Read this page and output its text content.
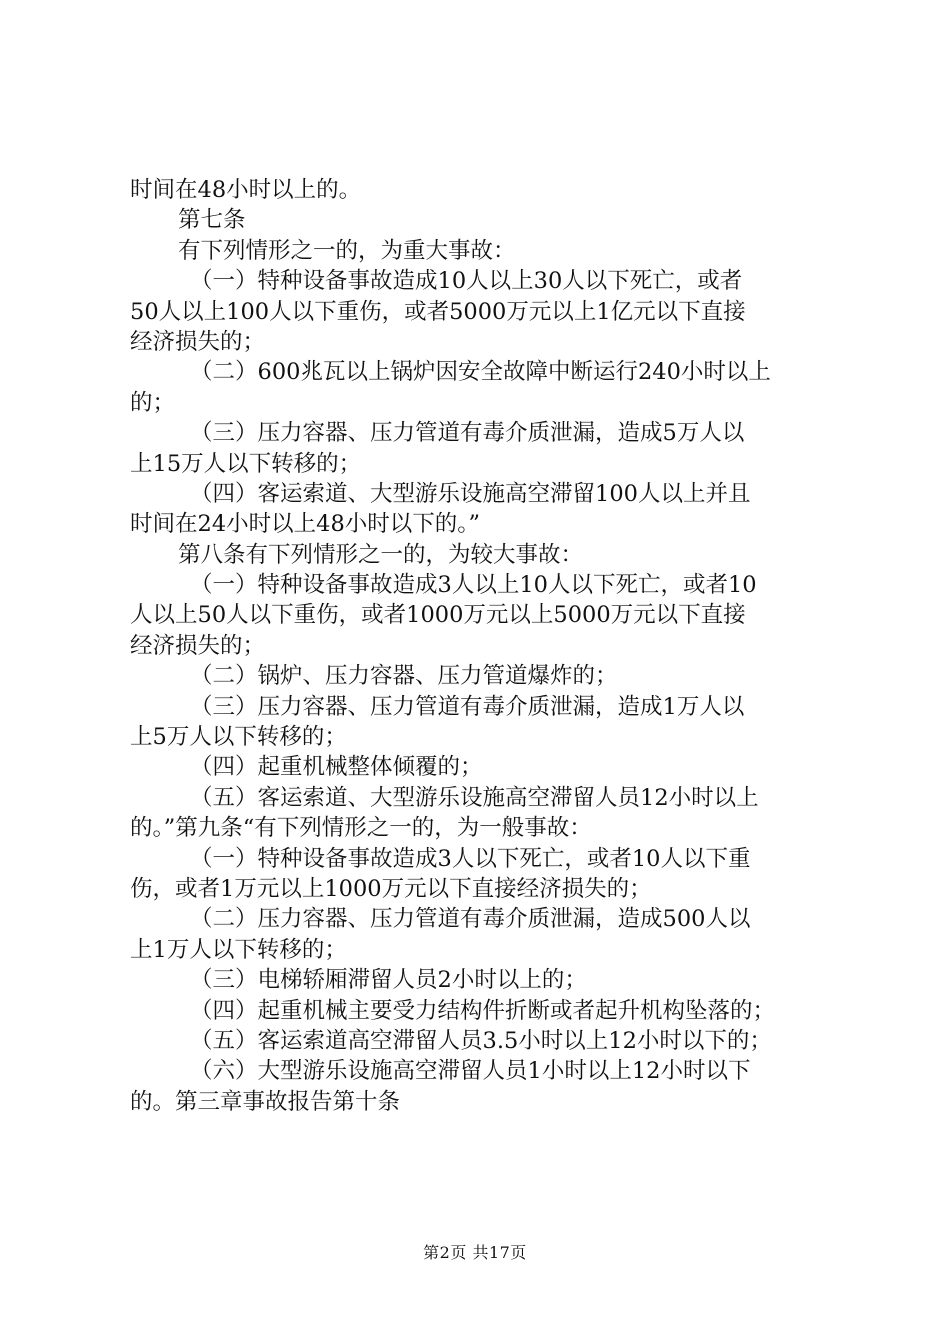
时间在48小时以上的。
第七条
有下列情形之一的，为重大事故：
（一）特种设备事故造成10人以上30人以下死亡，或者
50人以上100人以下重伤，或者5000万元以上1亿元以下直接
经济损失的；
（二）600兆瓦以上锅炉因安全故障中断运行240小时以上
的；
（三）压力容器、压力管道有毒介质泄漏，造成5万人以
上15万人以下转移的；
（四）客运索道、大型游乐设施高空滞留100人以上并且
时间在24小时以上48小时以下的。”
第八条有下列情形之一的，为较大事故：
（一）特种设备事故造成3人以上10人以下死亡，或者10
人以上50人以下重伤，或者1000万元以上5000万元以下直接
经济损失的；
（二）锅炉、压力容器、压力管道爆炸的；
（三）压力容器、压力管道有毒介质泄漏，造成1万人以
上5万人以下转移的；
（四）起重机械整体倾覆的；
（五）客运索道、大型游乐设施高空滞留人员12小时以上
的。”第九条“有下列情形之一的，为一般事故：
（一）特种设备事故造成3人以下死亡，或者10人以下重
伤，或者1万元以上1000万元以下直接经济损失的；
（二）压力容器、压力管道有毒介质泄漏，造成500人以
上1万人以下转移的；
（三）电梯轿厢滞留人员2小时以上的；
（四）起重机械主要受力结构件折断或者起升机构坠落的；
（五）客运索道高空滞留人员3.5小时以上12小时以下的；
（六）大型游乐设施高空滞留人员1小时以上12小时以下
的。第三章事故报告第十条
第2页 共17页
